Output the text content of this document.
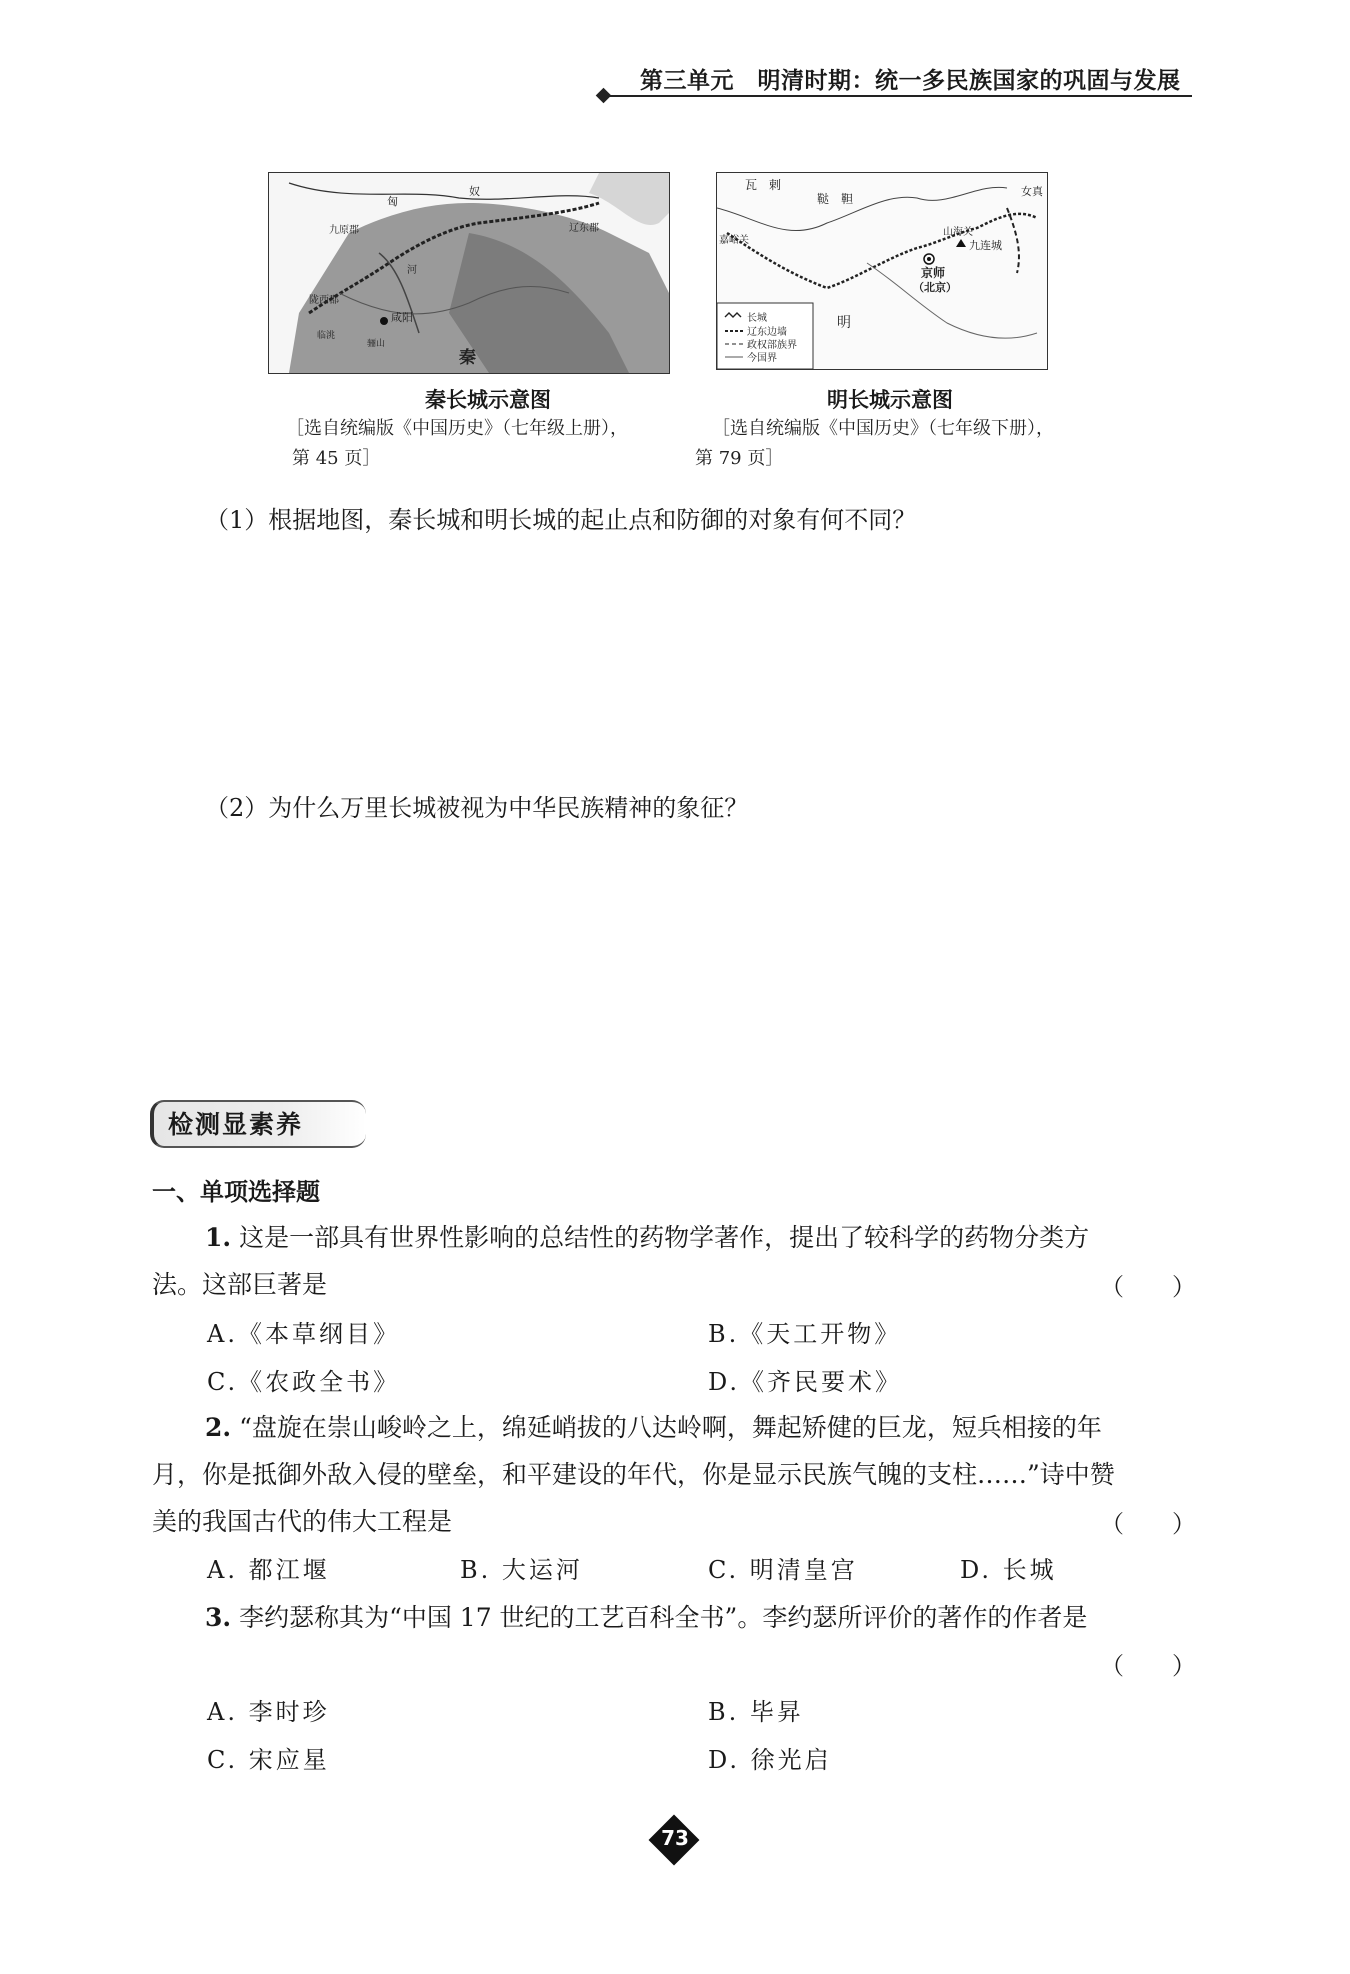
第三单元　明清时期：统一多民族国家的巩固与发展
匈
奴
九原郡	辽东郡
河
陇西郡
咸阳
临洮
骊山
秦
秦长城示意图
［选自统编版《中国历史》（七年级上册），
第 45 页］
长城
辽东边墙
政权部族界
今国界
瓦　剌
鞑　靼
女真
嘉峪关
山海关
九连城
京师
（北京）
明
明长城示意图
［选自统编版《中国历史》（七年级下册），
第 79 页］
（1）根据地图，秦长城和明长城的起止点和防御的对象有何不同？
（2）为什么万里长城被视为中华民族精神的象征？
检测显素养
一、单项选择题
1. 这是一部具有世界性影响的总结性的药物学著作，提出了较科学的药物分类方
法。这部巨著是	（　　）
A.《本草纲目》	B.《天工开物》
C.《农政全书》	D.《齐民要术》
2. “盘旋在崇山峻岭之上，绵延峭拔的八达岭啊，舞起矫健的巨龙，短兵相接的年
月，你是抵御外敌入侵的壁垒，和平建设的年代，你是显示民族气魄的支柱……”诗中赞
美的我国古代的伟大工程是	（　　）
A. 都江堰	B. 大运河	C. 明清皇宫	D. 长城
3. 李约瑟称其为“中国 17 世纪的工艺百科全书”。李约瑟所评价的著作的作者是
（　　）
A. 李时珍	B. 毕昇
C. 宋应星	D. 徐光启
73
